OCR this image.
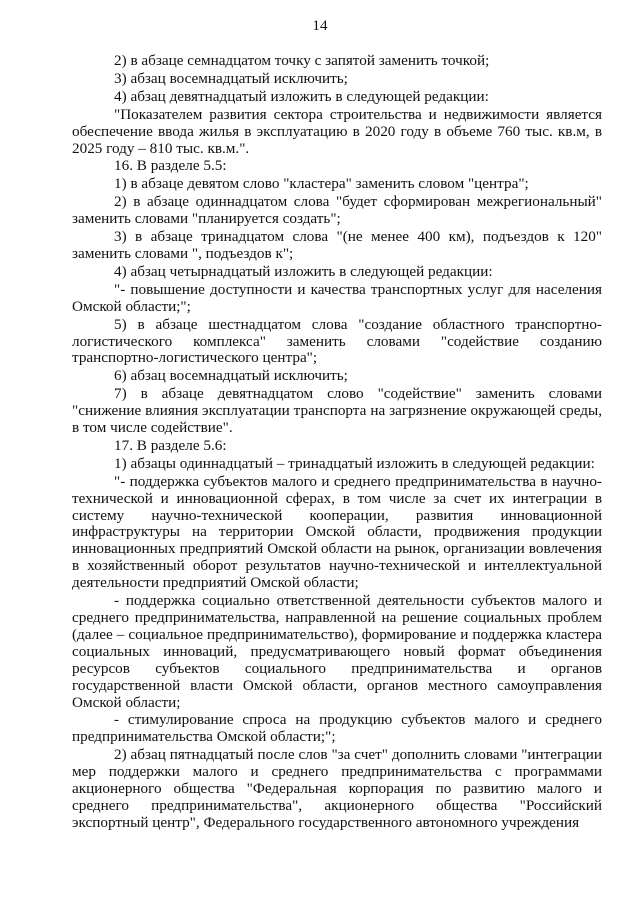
14

2) в абзаце семнадцатом точку с запятой заменить точкой;

3) абзац восемнадцатый исключить;

4) абзац девятнадцатый изложить в следующей редакции:

"Показателем развития сектора строительства и недвижимости является обеспечение ввода жилья в эксплуатацию в 2020 году в объеме 760 тыс. кв.м, в 2025 году – 810 тыс. кв.м.".

16. В разделе 5.5:

1) в абзаце девятом слово "кластера" заменить словом "центра";

2) в абзаце одиннадцатом слова "будет сформирован межрегиональный" заменить словами "планируется создать";

3) в абзаце тринадцатом слова "(не менее 400 км), подъездов к 120" заменить словами ", подъездов к";

4) абзац четырнадцатый изложить в следующей редакции:

"- повышение доступности и качества транспортных услуг для населения Омской области;";

5) в абзаце шестнадцатом слова "создание областного транспортно-логистического комплекса" заменить словами "содействие созданию транспортно-логистического центра";

6) абзац восемнадцатый исключить;

7) в абзаце девятнадцатом слово "содействие" заменить словами "снижение влияния эксплуатации транспорта на загрязнение окружающей среды, в том числе содействие".

17. В разделе 5.6:

1) абзацы одиннадцатый – тринадцатый изложить в следующей редакции:

"- поддержка субъектов малого и среднего предпринимательства в научно-технической и инновационной сферах, в том числе за счет их интеграции в систему научно-технической кооперации, развития инновационной инфраструктуры на территории Омской области, продвижения продукции инновационных предприятий Омской области на рынок, организации вовлечения в хозяйственный оборот результатов научно-технической и интеллектуальной деятельности предприятий Омской области;

- поддержка социально ответственной деятельности субъектов малого и среднего предпринимательства, направленной на решение социальных проблем (далее – социальное предпринимательство), формирование и поддержка кластера социальных инноваций, предусматривающего новый формат объединения ресурсов субъектов социального предпринимательства и органов государственной власти Омской области, органов местного самоуправления Омской области;

- стимулирование спроса на продукцию субъектов малого и среднего предпринимательства Омской области;";

2) абзац пятнадцатый после слов "за счет" дополнить словами "интеграции мер поддержки малого и среднего предпринимательства с программами акционерного общества "Федеральная корпорация по развитию малого и среднего предпринимательства", акционерного общества "Российский экспортный центр", Федерального государственного автономного учреждения
